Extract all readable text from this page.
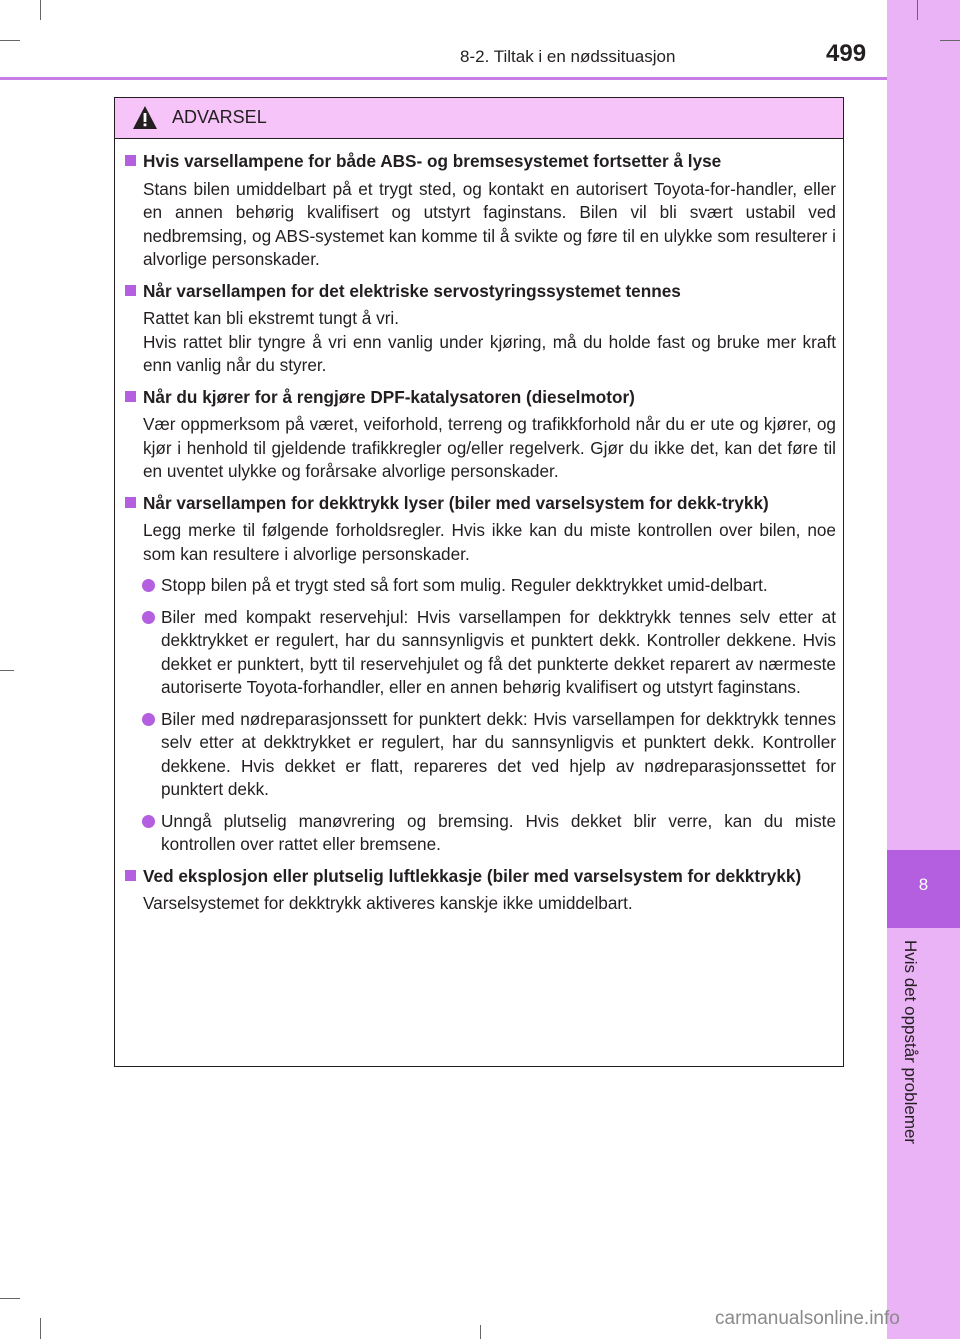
8
Hvis det oppstår problemer
8-2. Tiltak i en nødssituasjon	499
ADVARSEL
Hvis varsellampene for både ABS- og bremsesystemet fortsetter å lyse
Stans bilen umiddelbart på et trygt sted, og kontakt en autorisert Toyota-for-handler, eller en annen behørig kvalifisert og utstyrt faginstans. Bilen vil bli svært ustabil ved nedbremsing, og ABS-systemet kan komme til å svikte og føre til en ulykke som resulterer i alvorlige personskader.
Når varsellampen for det elektriske servostyringssystemet tennes
Rattet kan bli ekstremt tungt å vri.
Hvis rattet blir tyngre å vri enn vanlig under kjøring, må du holde fast og bruke mer kraft enn vanlig når du styrer.
Når du kjører for å rengjøre DPF-katalysatoren (dieselmotor)
Vær oppmerksom på været, veiforhold, terreng og trafikkforhold når du er ute og kjører, og kjør i henhold til gjeldende trafikkregler og/eller regelverk. Gjør du ikke det, kan det føre til en uventet ulykke og forårsake alvorlige personskader.
Når varsellampen for dekktrykk lyser (biler med varselsystem for dekk-trykk)
Legg merke til følgende forholdsregler. Hvis ikke kan du miste kontrollen over bilen, noe som kan resultere i alvorlige personskader.
Stopp bilen på et trygt sted så fort som mulig. Reguler dekktrykket umid-delbart.
Biler med kompakt reservehjul: Hvis varsellampen for dekktrykk tennes selv etter at dekktrykket er regulert, har du sannsynligvis et punktert dekk. Kontroller dekkene. Hvis dekket er punktert, bytt til reservehjulet og få det punkterte dekket reparert av nærmeste autoriserte Toyota-forhandler, eller en annen behørig kvalifisert og utstyrt faginstans.
Biler med nødreparasjonssett for punktert dekk: Hvis varsellampen for dekktrykk tennes selv etter at dekktrykket er regulert, har du sannsynligvis et punktert dekk. Kontroller dekkene. Hvis dekket er flatt, repareres det ved hjelp av nødreparasjonssettet for punktert dekk.
Unngå plutselig manøvrering og bremsing. Hvis dekket blir verre, kan du miste kontrollen over rattet eller bremsene.
Ved eksplosjon eller plutselig luftlekkasje (biler med varselsystem for dekktrykk)
Varselsystemet for dekktrykk aktiveres kanskje ikke umiddelbart.
carmanualsonline.info
